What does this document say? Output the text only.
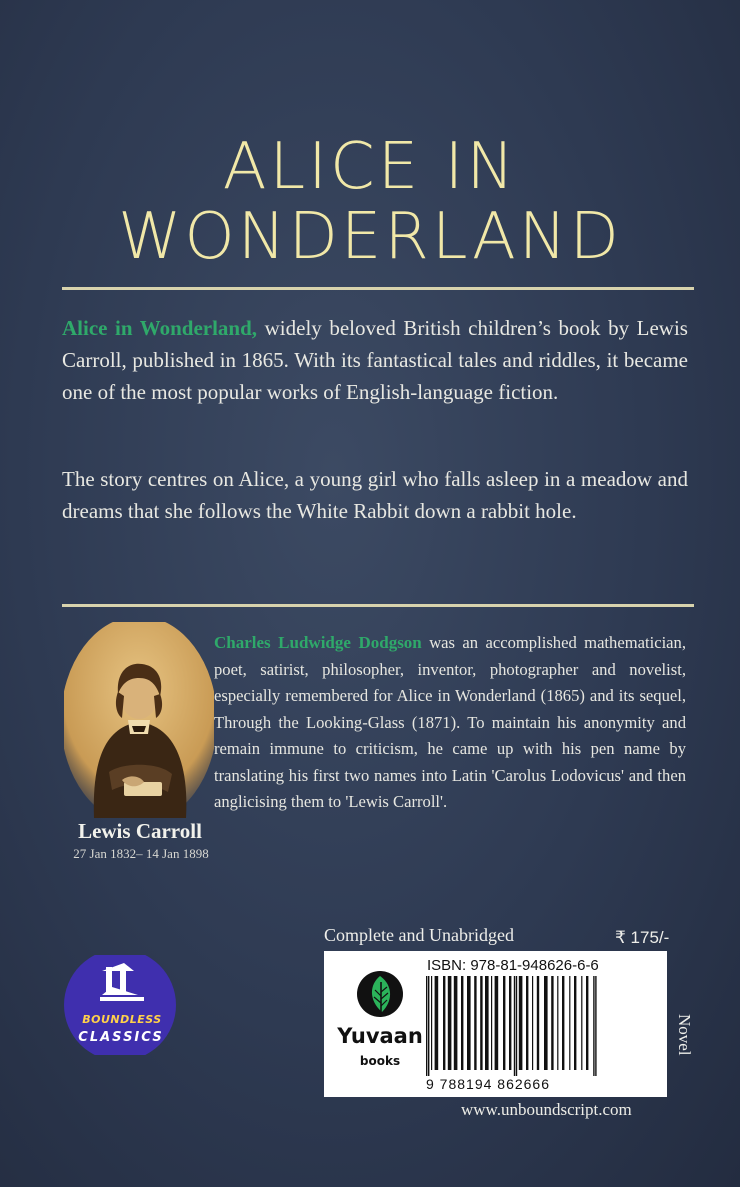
ALICE IN
WONDERLAND
Alice in Wonderland, widely beloved British children’s book by Lewis Carroll, published in 1865. With its fantastical tales and riddles, it became one of the most popular works of English-language fiction.
The story centres on Alice, a young girl who falls asleep in a meadow and dreams that she follows the White Rabbit down a rabbit hole.
Lewis Carroll
27 Jan 1832– 14 Jan 1898
Charles Ludwidge Dodgson was an accomplished mathematician, poet, satirist, philosopher, inventor, photographer and novelist, especially remembered for Alice in Wonderland (1865) and its sequel, Through the Looking-Glass (1871). To maintain his anonymity and remain immune to criticism, he came up with his pen name by translating his first two names into Latin 'Carolus Lodovicus' and then anglicising them to 'Lewis Carroll'.
Complete and Unabridged	₹ 175/-
Yuvaan
books
ISBN: 978-81-948626-6-6
9 788194 862666
Novel
www.unboundscript.com
BOUNDLESS
CLASSICS
